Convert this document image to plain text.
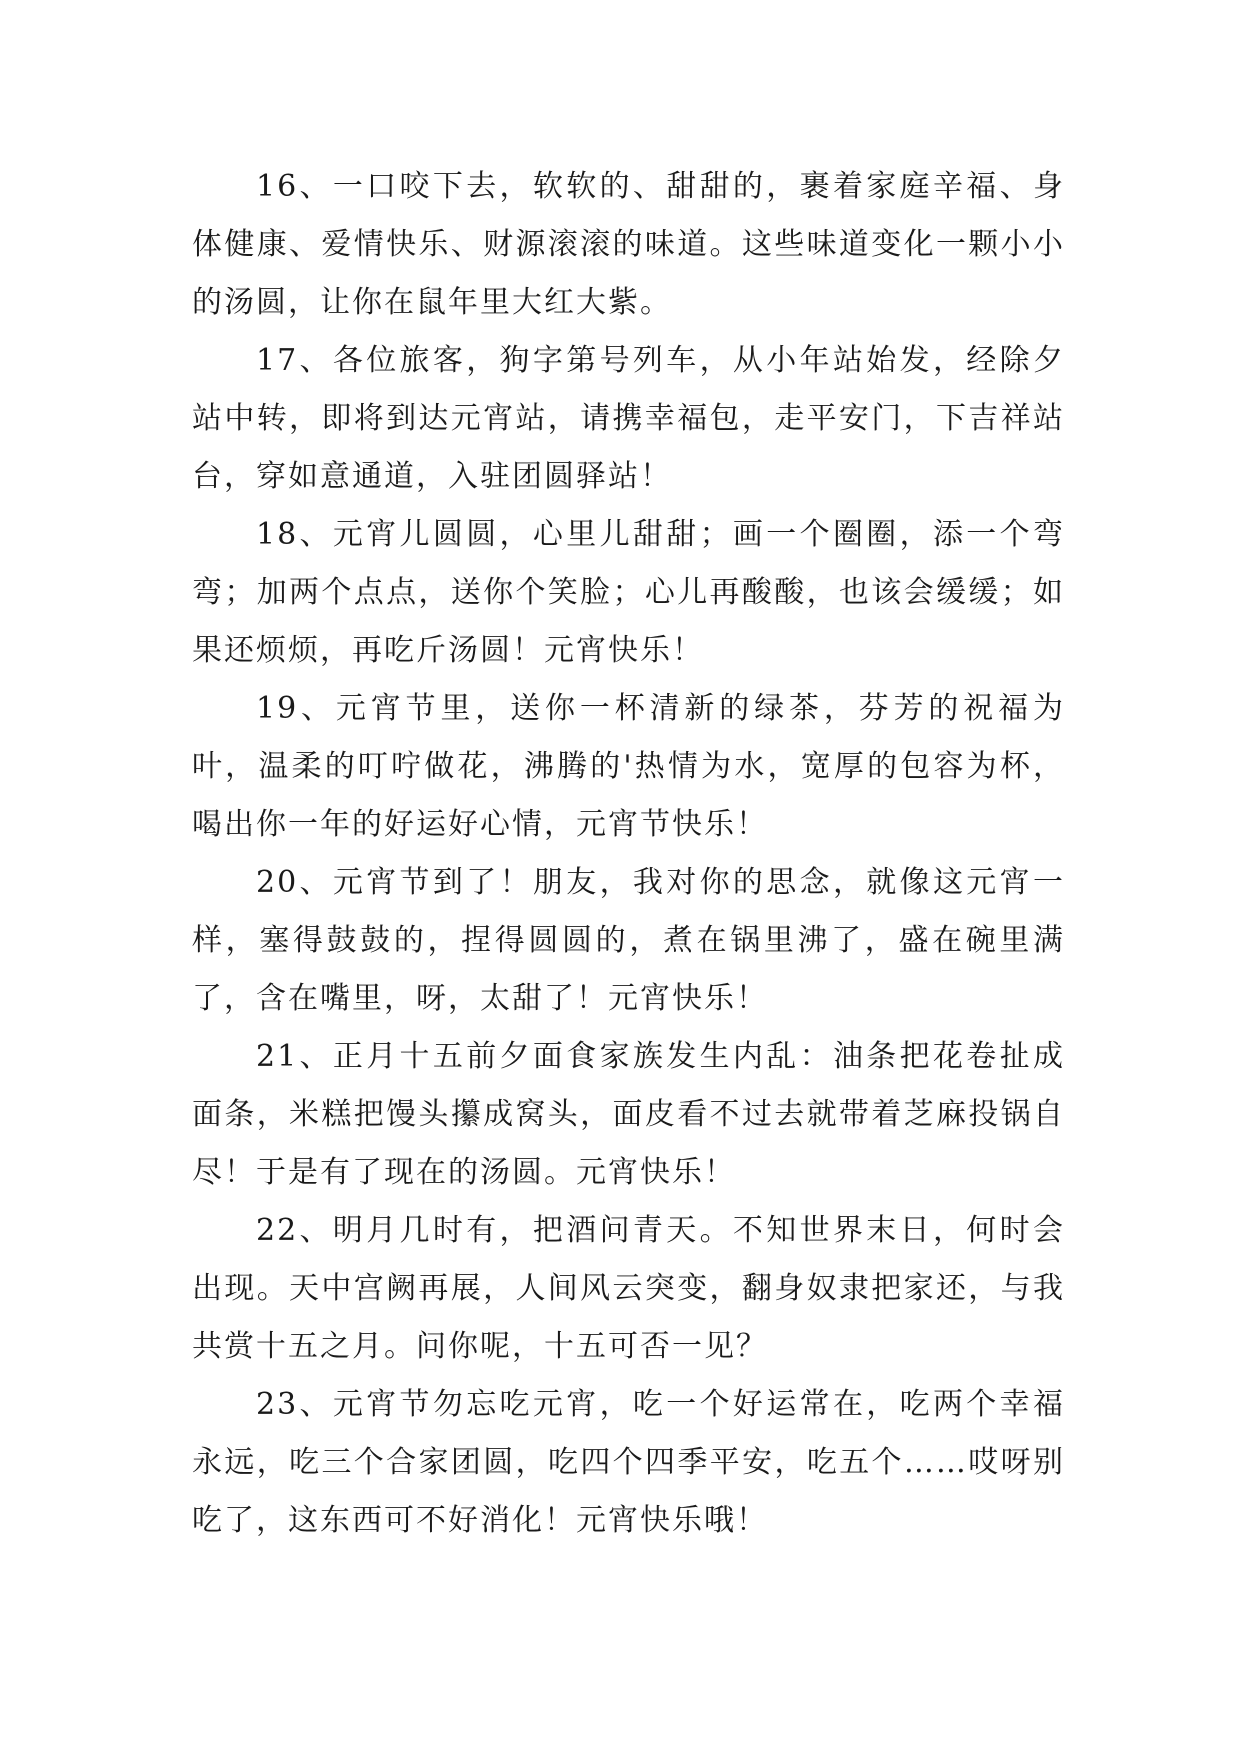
16、一口咬下去，软软的、甜甜的，裹着家庭辛福、身体健康、爱情快乐、财源滚滚的味道。这些味道变化一颗小小的汤圆，让你在鼠年里大红大紫。

17、各位旅客，狗字第号列车，从小年站始发，经除夕站中转，即将到达元宵站，请携幸福包，走平安门，下吉祥站台，穿如意通道，入驻团圆驿站！

18、元宵儿圆圆，心里儿甜甜；画一个圈圈，添一个弯弯；加两个点点，送你个笑脸；心儿再酸酸，也该会缓缓；如果还烦烦，再吃斤汤圆！元宵快乐！

19、元宵节里，送你一杯清新的绿茶，芬芳的祝福为叶，温柔的叮咛做花，沸腾的'热情为水，宽厚的包容为杯，喝出你一年的好运好心情，元宵节快乐！

20、元宵节到了！朋友，我对你的思念，就像这元宵一样，塞得鼓鼓的，捏得圆圆的，煮在锅里沸了，盛在碗里满了，含在嘴里，呀，太甜了！元宵快乐！

21、正月十五前夕面食家族发生内乱：油条把花卷扯成面条，米糕把馒头攥成窝头，面皮看不过去就带着芝麻投锅自尽！于是有了现在的汤圆。元宵快乐！

22、明月几时有，把酒问青天。不知世界末日，何时会出现。天中宫阙再展，人间风云突变，翻身奴隶把家还，与我共赏十五之月。问你呢，十五可否一见？

23、元宵节勿忘吃元宵，吃一个好运常在，吃两个幸福永远，吃三个合家团圆，吃四个四季平安，吃五个……哎呀别吃了，这东西可不好消化！元宵快乐哦！
